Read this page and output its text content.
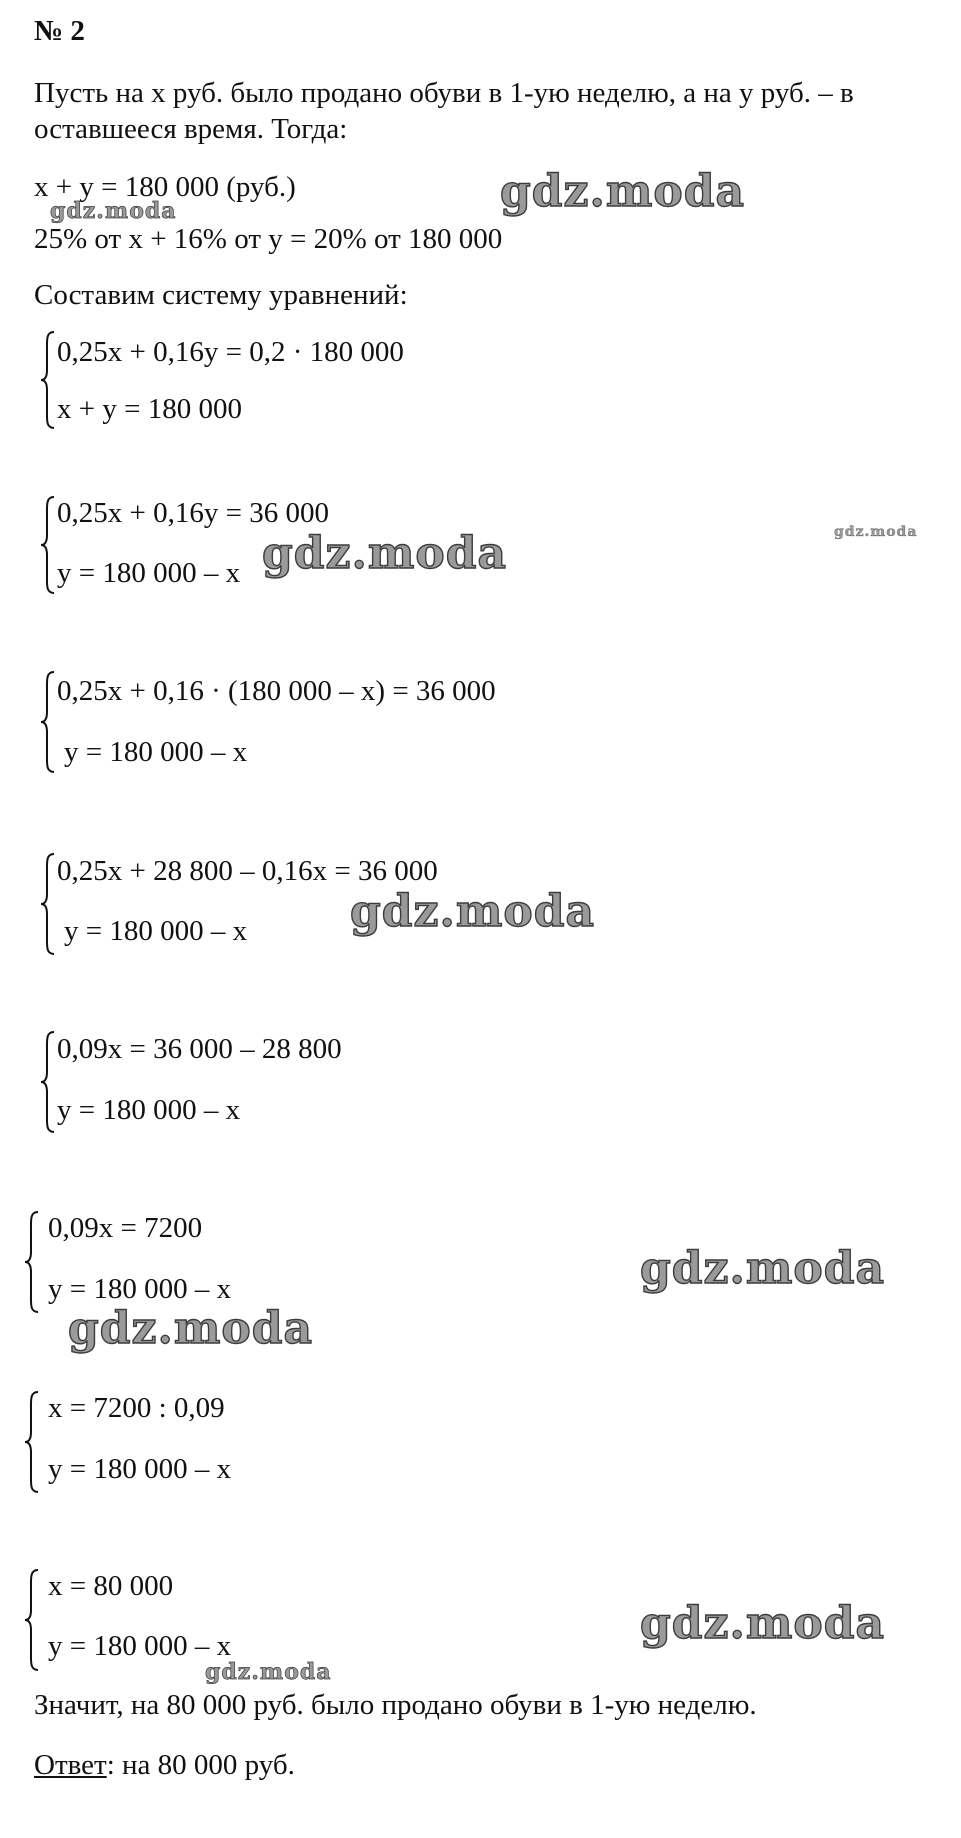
№ 2
Пусть на x руб. было продано обуви в 1-ую неделю, а на y руб. – в
оставшееся время. Тогда:
x + y = 180 000 (руб.)
25% от x + 16% от y = 20% от 180 000
Составим систему уравнений:
0,25x + 0,16y = 0,2 · 180 000
x + y = 180 000
0,25x + 0,16y = 36 000
y = 180 000 – x
0,25x + 0,16 · (180 000 – x) = 36 000
y = 180 000 – x
0,25x + 28 800 – 0,16x = 36 000
y = 180 000 – x
0,09x = 36 000 – 28 800
y = 180 000 – x
0,09x = 7200
y = 180 000 – x
x = 7200 : 0,09
y = 180 000 – x
x = 80 000
y = 180 000 – x
Значит, на 80 000 руб. было продано обуви в 1-ую неделю.
Ответ: на 80 000 руб.
gdz.moda
gdz.moda
gdz.moda
gdz.moda
gdz.moda
gdz.moda
gdz.moda
gdz.moda
gdz.moda
